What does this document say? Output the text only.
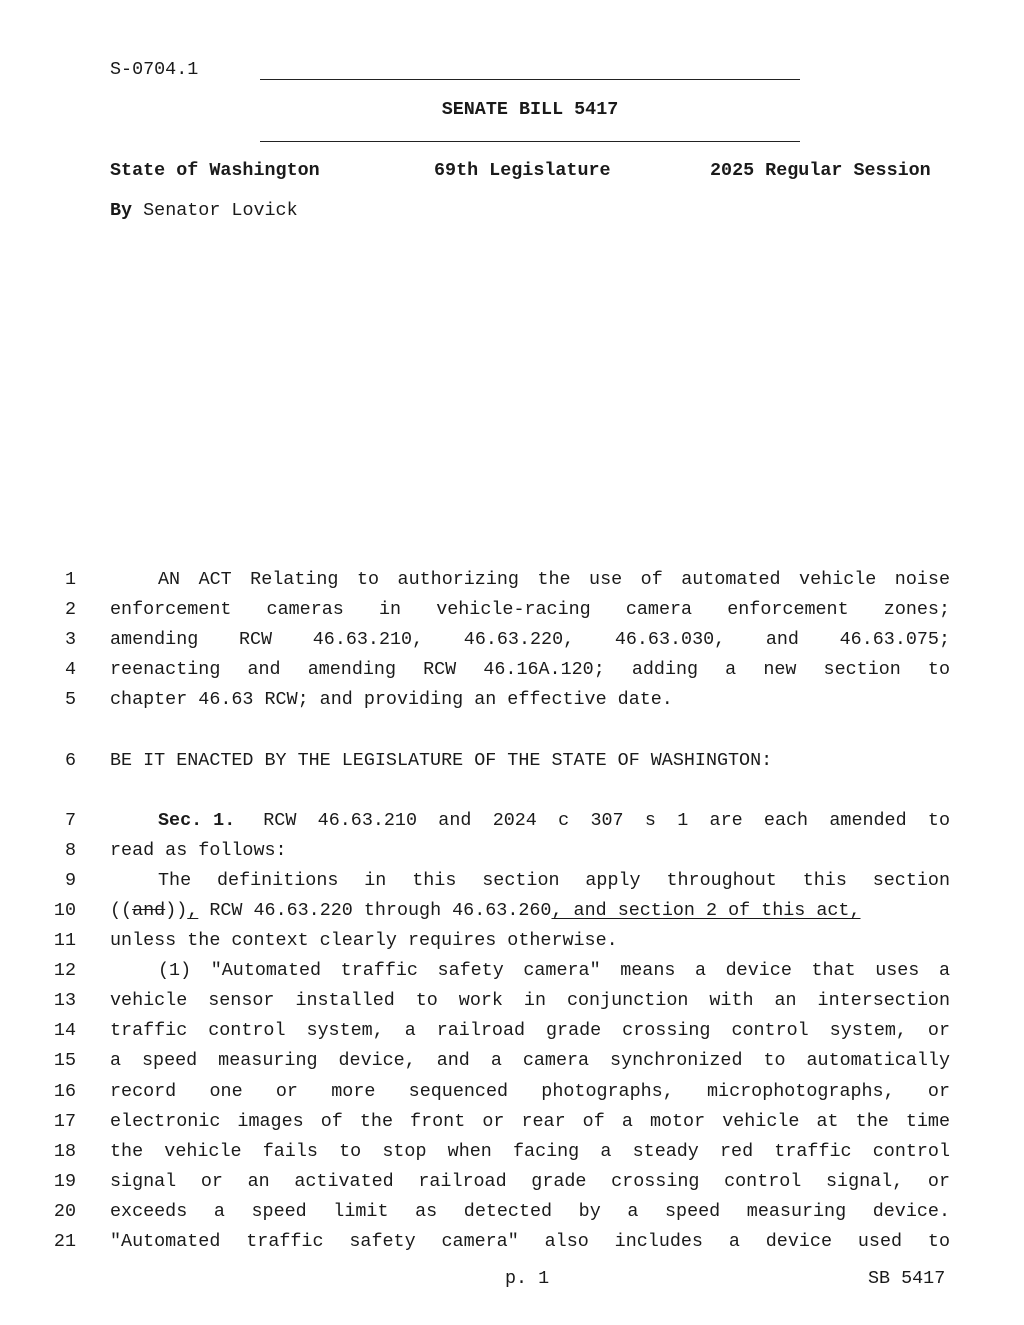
S-0704.1
SENATE BILL 5417
State of Washington	69th Legislature	2025 Regular Session
By Senator Lovick
1	AN ACT Relating to authorizing the use of automated vehicle noise
2 enforcement cameras in vehicle-racing camera enforcement zones;
3 amending RCW 46.63.210, 46.63.220, 46.63.030, and 46.63.075;
4 reenacting and amending RCW 46.16A.120; adding a new section to
5 chapter 46.63 RCW; and providing an effective date.
6 BE IT ENACTED BY THE LEGISLATURE OF THE STATE OF WASHINGTON:
7	Sec. 1. RCW 46.63.210 and 2024 c 307 s 1 are each amended to
8 read as follows:
9	The definitions in this section apply throughout this section
10 ((and)), RCW 46.63.220 through 46.63.260, and section 2 of this act,
11 unless the context clearly requires otherwise.
12	(1) "Automated traffic safety camera" means a device that uses a
13 vehicle sensor installed to work in conjunction with an intersection
14 traffic control system, a railroad grade crossing control system, or
15 a speed measuring device, and a camera synchronized to automatically
16 record one or more sequenced photographs, microphotographs, or
17 electronic images of the front or rear of a motor vehicle at the time
18 the vehicle fails to stop when facing a steady red traffic control
19 signal or an activated railroad grade crossing control signal, or
20 exceeds a speed limit as detected by a speed measuring device.
21 "Automated traffic safety camera" also includes a device used to
p. 1	SB 5417
